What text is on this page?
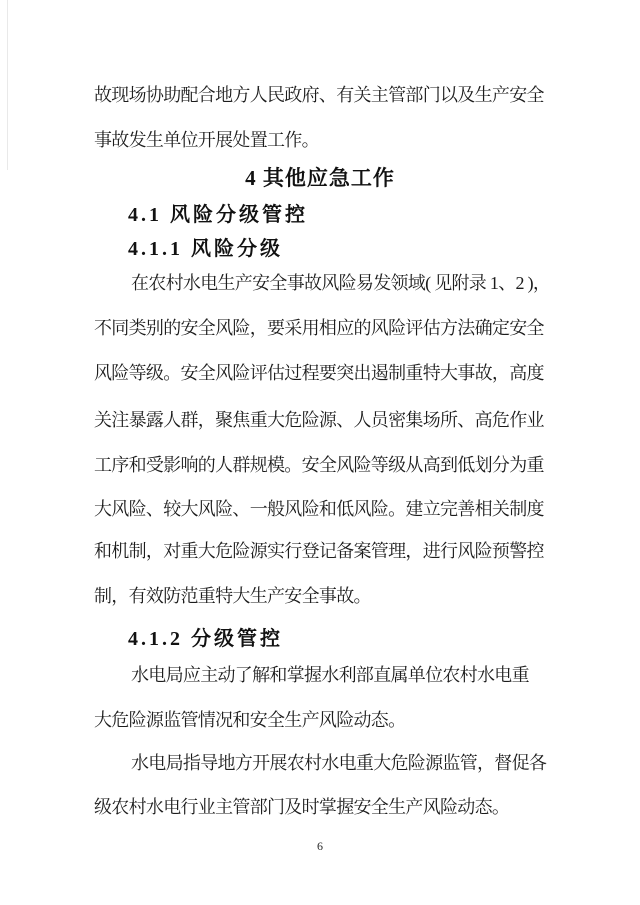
故现场协助配合地方人民政府、有关主管部门以及生产安全
事故发生单位开展处置工作。
4 其他应急工作
4.1 风险分级管控
4.1.1 风险分级
在农村水电生产安全事故风险易发领域( 见附录 1、2 )，
不同类别的安全风险，要采用相应的风险评估方法确定安全
风险等级。安全风险评估过程要突出遏制重特大事故，高度
关注暴露人群，聚焦重大危险源、人员密集场所、高危作业
工序和受影响的人群规模。安全风险等级从高到低划分为重
大风险、较大风险、一般风险和低风险。建立完善相关制度
和机制，对重大危险源实行登记备案管理，进行风险预警控
制，有效防范重特大生产安全事故。
4.1.2 分级管控
水电局应主动了解和掌握水利部直属单位农村水电重
大危险源监管情况和安全生产风险动态。
水电局指导地方开展农村水电重大危险源监管，督促各
级农村水电行业主管部门及时掌握安全生产风险动态。
6
